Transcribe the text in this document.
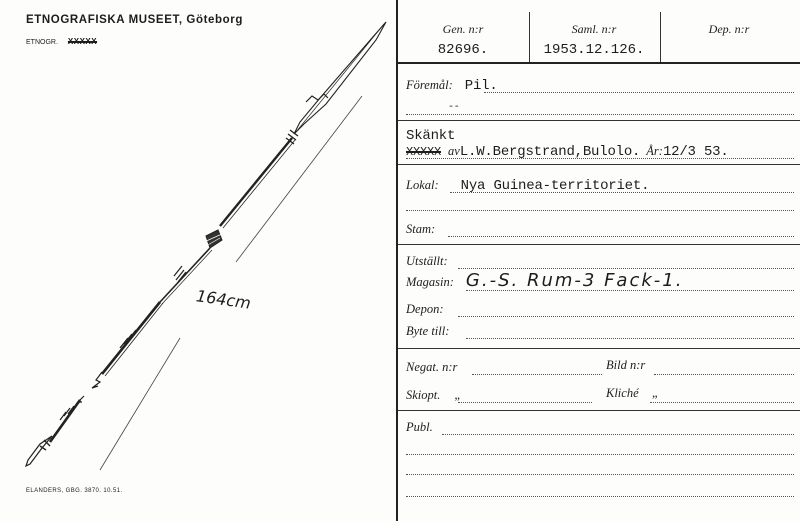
ETNOGRAFISKA MUSEET, Göteborg
ETNOGR. XXXXX
164cm
ELANDERS, GBG. 3870. 10.51.
Gen. n:r
82696.
Saml. n:r
1953.12.126.
Dep. n:r
Föremål: Pil.
--
Skänkt
XXXXX avL.W.Bergstrand,Bulolo. År:12/3 53.
Lokal: Nya Guinea-territoriet.
Stam:
Utställt:
Magasin: G.-S. Rum-3 Fack-1.
Depon:
Byte till:
Negat. n:r	Bild n:r
Skiopt. „	Kliché „
Publ.
